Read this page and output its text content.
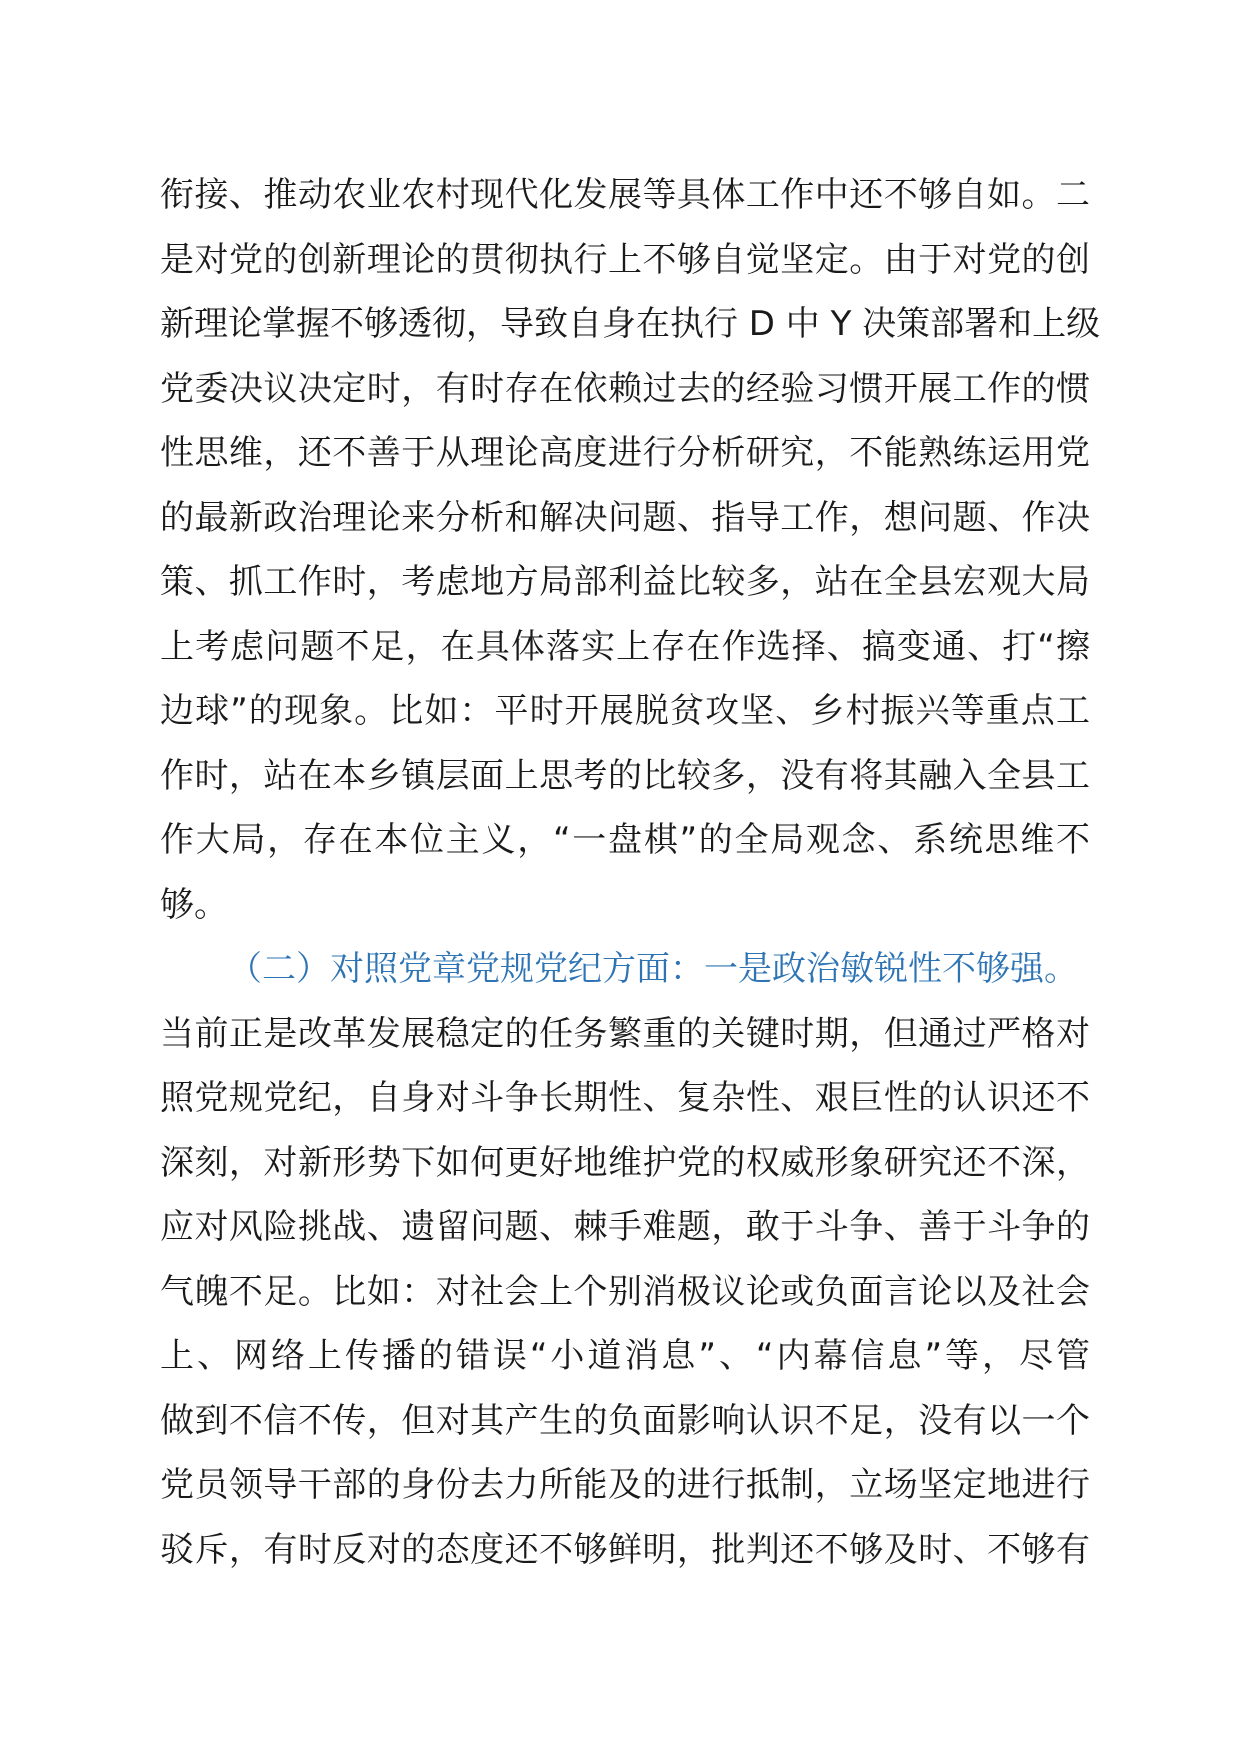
衔接、推动农业农村现代化发展等具体工作中还不够自如。二
是对党的创新理论的贯彻执行上不够自觉坚定。由于对党的创
新理论掌握不够透彻，导致自身在执行 D 中 Y 决策部署和上级
党委决议决定时，有时存在依赖过去的经验习惯开展工作的惯
性思维，还不善于从理论高度进行分析研究，不能熟练运用党
的最新政治理论来分析和解决问题、指导工作，想问题、作决
策、抓工作时，考虑地方局部利益比较多，站在全县宏观大局
上考虑问题不足，在具体落实上存在作选择、搞变通、打“擦
边球”的现象。比如：平时开展脱贫攻坚、乡村振兴等重点工
作时，站在本乡镇层面上思考的比较多，没有将其融入全县工
作大局，存在本位主义，“一盘棋”的全局观念、系统思维不
够。
（二）对照党章党规党纪方面：一是政治敏锐性不够强。
当前正是改革发展稳定的任务繁重的关键时期，但通过严格对
照党规党纪，自身对斗争长期性、复杂性、艰巨性的认识还不
深刻，对新形势下如何更好地维护党的权威形象研究还不深，
应对风险挑战、遗留问题、棘手难题，敢于斗争、善于斗争的
气魄不足。比如：对社会上个别消极议论或负面言论以及社会
上、网络上传播的错误“小道消息”、“内幕信息”等，尽管
做到不信不传，但对其产生的负面影响认识不足，没有以一个
党员领导干部的身份去力所能及的进行抵制，立场坚定地进行
驳斥，有时反对的态度还不够鲜明，批判还不够及时、不够有
